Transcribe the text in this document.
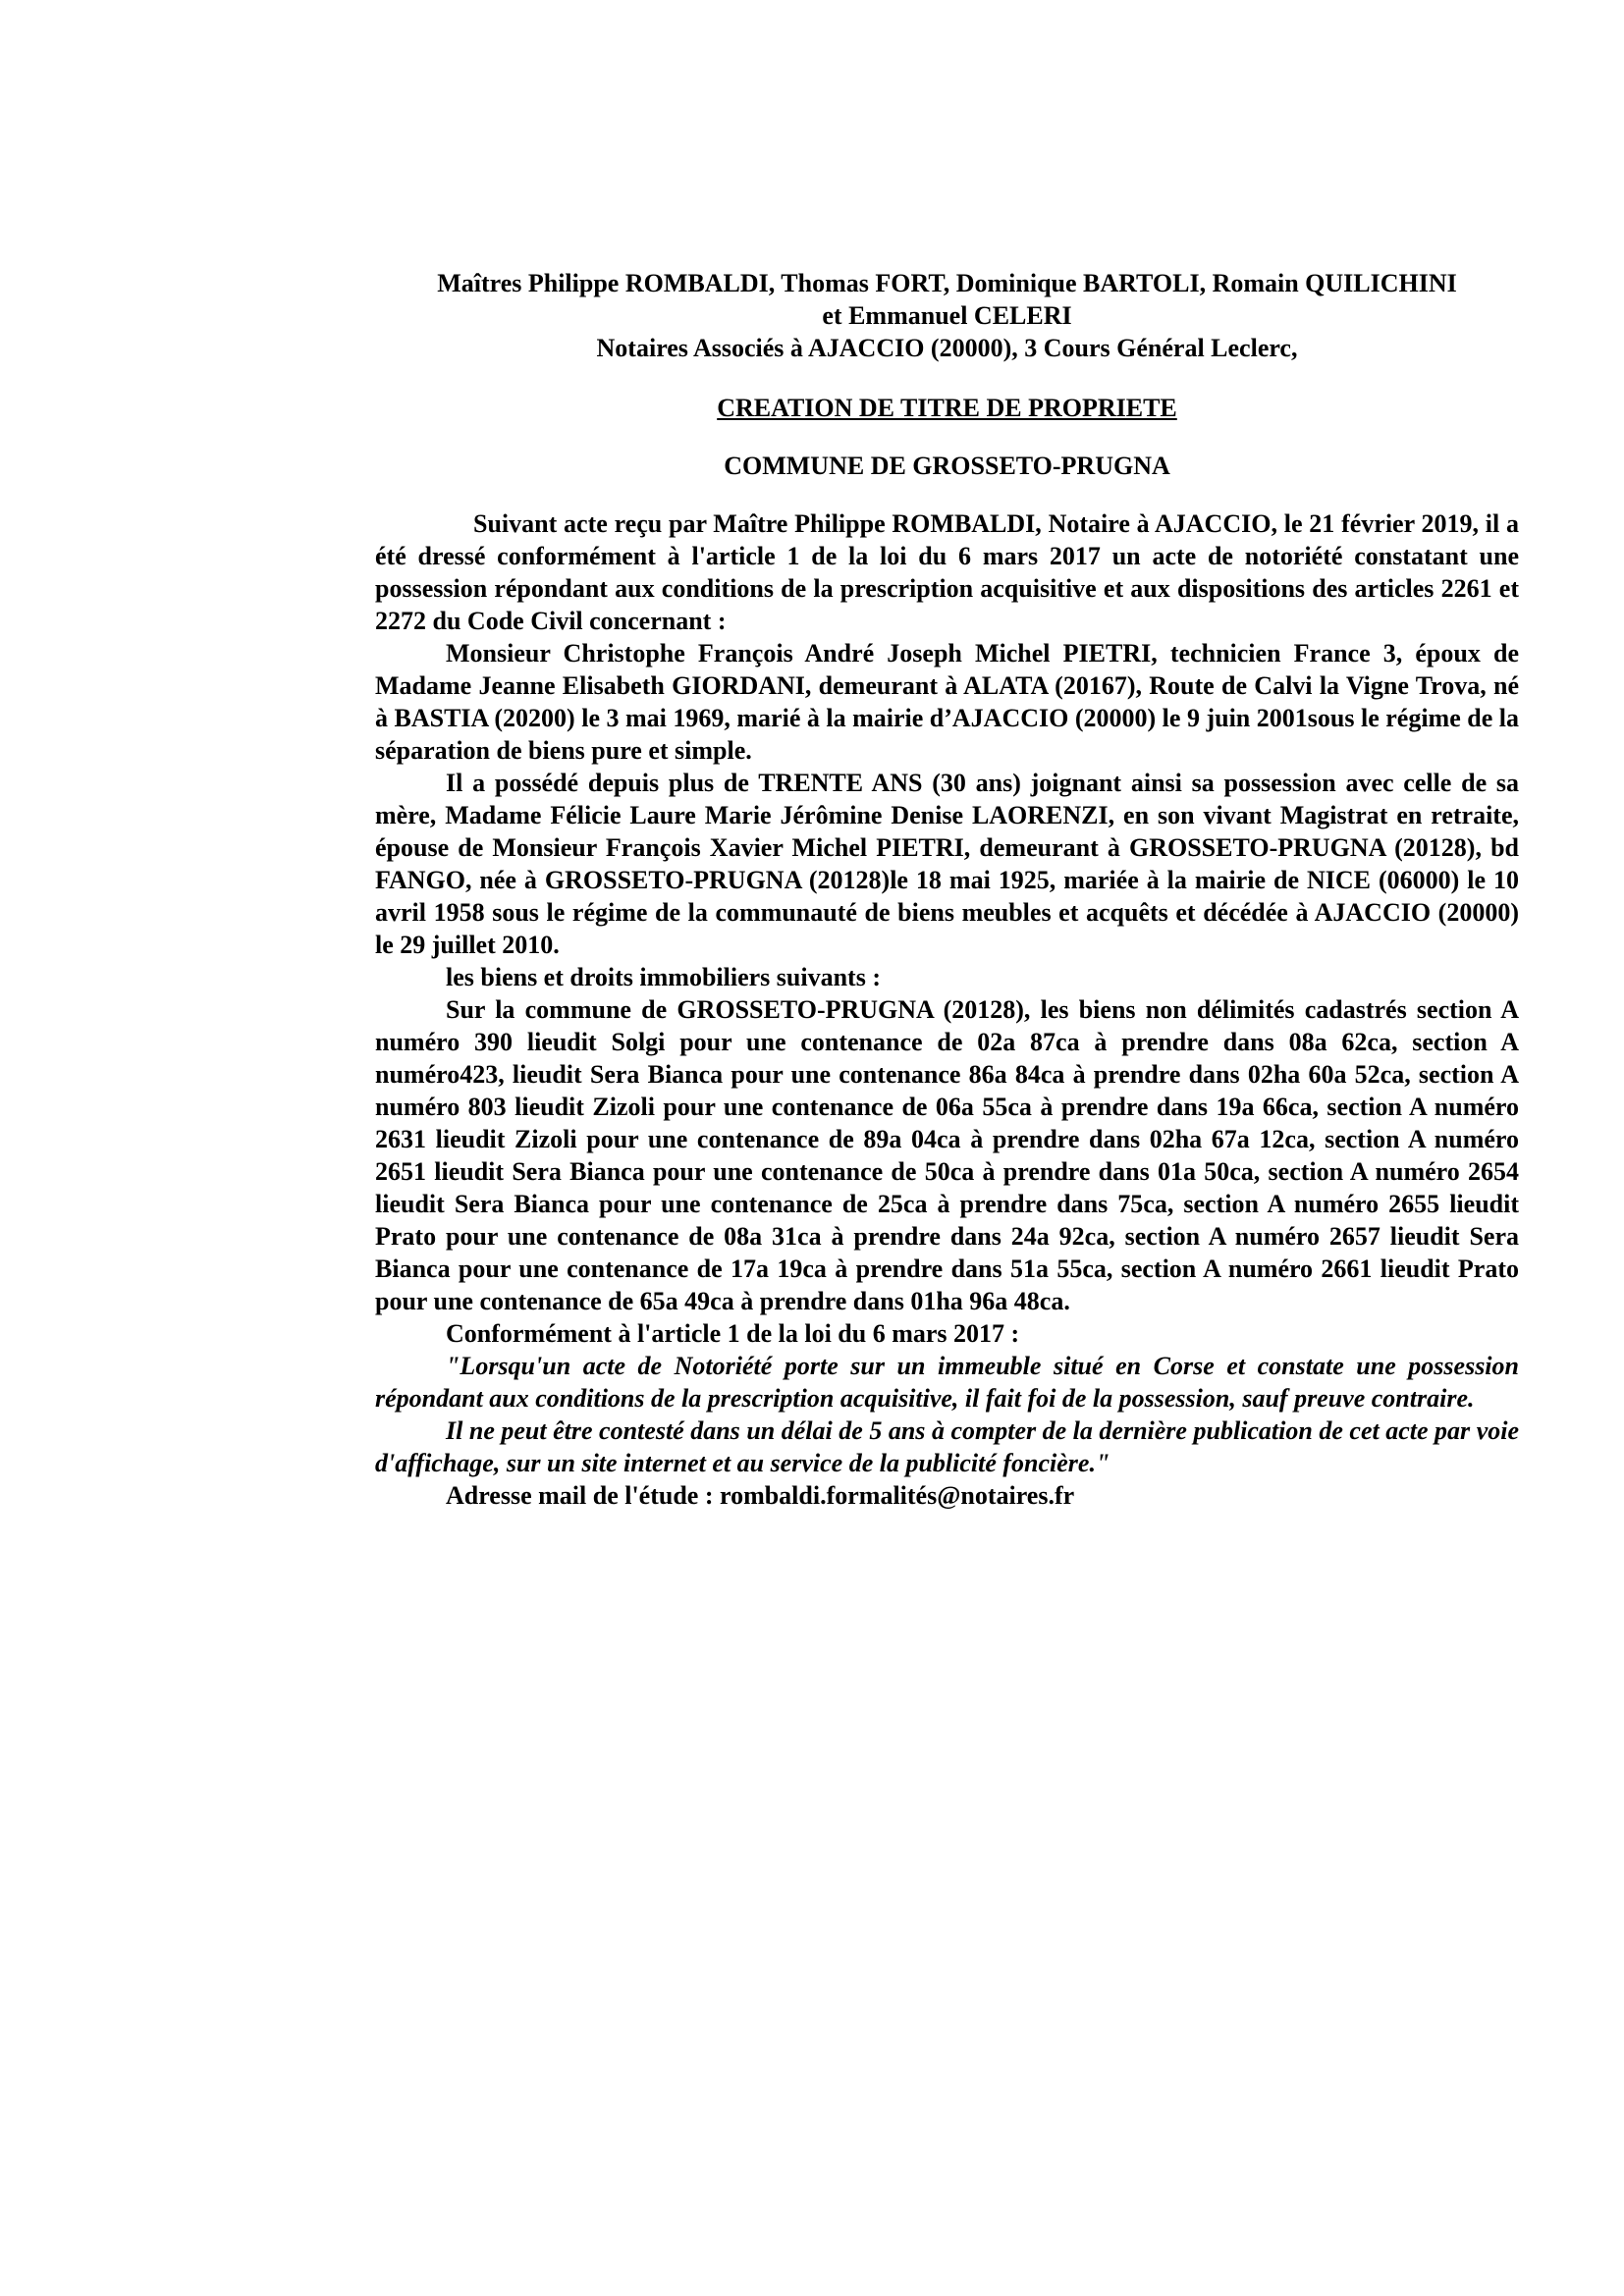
Maîtres Philippe ROMBALDI, Thomas FORT, Dominique BARTOLI, Romain QUILICHINI

et Emmanuel CELERI

Notaires Associés à AJACCIO (20000), 3 Cours Général Leclerc,

CREATION DE TITRE DE PROPRIETE

COMMUNE DE GROSSETO-PRUGNA

Suivant acte reçu par Maître Philippe ROMBALDI, Notaire à AJACCIO, le 21 février 2019, il a été dressé conformément à l'article 1 de la loi du 6 mars 2017 un acte de notoriété constatant une possession répondant aux conditions de la prescription acquisitive et aux dispositions des articles 2261 et 2272 du Code Civil concernant :

Monsieur Christophe François André Joseph Michel PIETRI, technicien France 3, époux de Madame Jeanne Elisabeth GIORDANI, demeurant à ALATA (20167), Route de Calvi la Vigne Trova, né à BASTIA (20200) le 3 mai 1969, marié à la mairie d’AJACCIO (20000) le 9 juin 2001sous le régime de la séparation de biens pure et simple.

Il a possédé depuis plus de TRENTE ANS (30 ans) joignant ainsi sa possession avec celle de sa mère, Madame Félicie Laure Marie Jérômine Denise LAORENZI, en son vivant Magistrat en retraite, épouse de Monsieur François Xavier Michel PIETRI, demeurant à GROSSETO-PRUGNA (20128), bd FANGO, née à GROSSETO-PRUGNA (20128)le 18 mai 1925, mariée à la mairie de NICE (06000) le 10 avril 1958 sous le régime de la communauté de biens meubles et acquêts et décédée à AJACCIO (20000) le 29 juillet 2010.

les biens et droits immobiliers suivants :

Sur la commune de GROSSETO-PRUGNA (20128), les biens non délimités cadastrés section A numéro 390 lieudit Solgi pour une contenance de 02a 87ca à prendre dans 08a 62ca, section A numéro423, lieudit Sera Bianca pour une contenance 86a 84ca à prendre dans 02ha 60a 52ca, section A numéro 803 lieudit Zizoli pour une contenance de 06a 55ca à prendre dans 19a 66ca, section A numéro 2631 lieudit Zizoli pour une contenance de 89a 04ca à prendre dans 02ha 67a 12ca, section A numéro 2651 lieudit Sera Bianca pour une contenance de 50ca à prendre dans 01a 50ca, section A numéro 2654 lieudit Sera Bianca pour une contenance de 25ca à prendre dans 75ca, section A numéro 2655 lieudit Prato pour une contenance de 08a 31ca à prendre dans 24a 92ca, section A numéro 2657 lieudit Sera Bianca pour une contenance de 17a 19ca à prendre dans 51a 55ca, section A numéro 2661 lieudit Prato pour une contenance de 65a 49ca à prendre dans 01ha 96a 48ca.

Conformément à l'article 1 de la loi du 6 mars 2017 :

"Lorsqu'un acte de Notoriété porte sur un immeuble situé en Corse et constate une possession répondant aux conditions de la prescription acquisitive, il fait foi de la possession, sauf preuve contraire.

Il ne peut être contesté dans un délai de 5 ans à compter de la dernière publication de cet acte par voie d'affichage, sur un site internet et au service de la publicité foncière."

Adresse mail de l'étude : rombaldi.formalités@notaires.fr
